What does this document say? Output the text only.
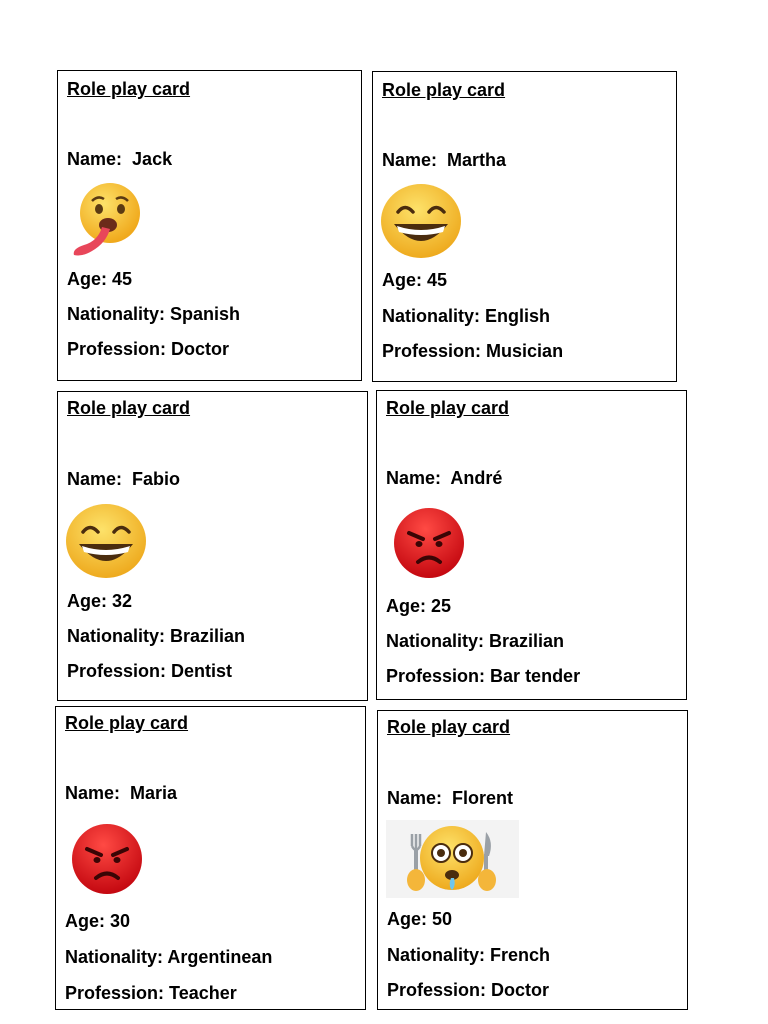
Role play card
Name: Jack
Age: 45
Nationality: Spanish
Profession: Doctor
Role play card
Name: Martha
Age: 45
Nationality: English
Profession: Musician
Role play card
Name: Fabio
Age: 32
Nationality: Brazilian
Profession: Dentist
Role play card
Name: André
Age: 25
Nationality: Brazilian
Profession: Bar tender
Role play card
Name: Maria
Age: 30
Nationality: Argentinean
Profession: Teacher
Role play card
Name: Florent
Age: 50
Nationality: French
Profession: Doctor
